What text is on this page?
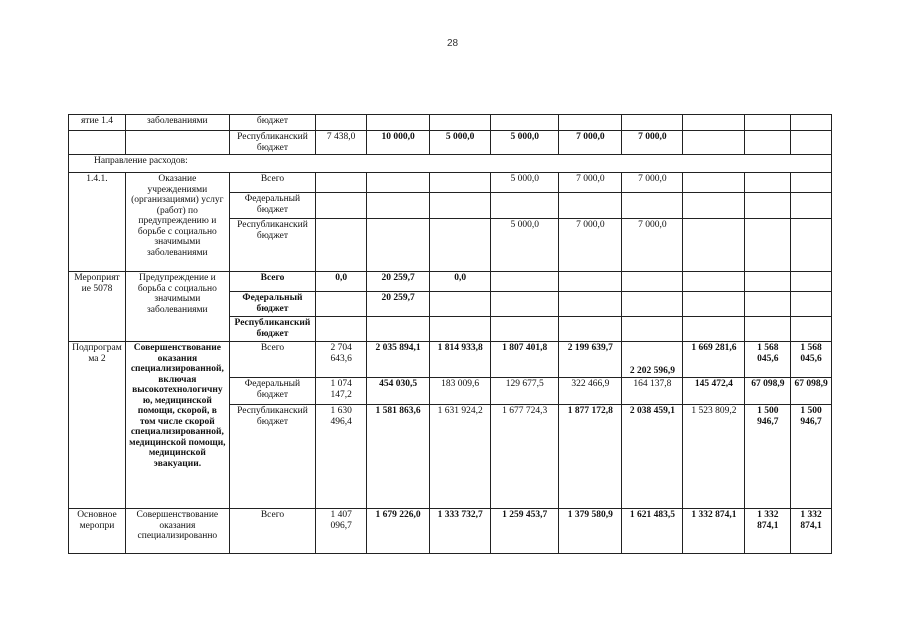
28
ятие 1.4	заболеваниями	бюджет									
		Республиканский бюджет	7 438,0	10 000,0	5 000,0	5 000,0	7 000,0	7 000,0			
Направление расходов:											
1.4.1.	Оказание учреждениями (организациями) услуг (работ) по предупреждению и борьбе с социально значимыми заболеваниями	Всего				5 000,0	7 000,0	7 000,0			
		Федеральный бюджет									
		Республиканский бюджет				5 000,0	7 000,0	7 000,0			
Мероприятие 5078	Предупреждение и борьба с социально значимыми заболеваниями	Всего	0,0	20 259,7	0,0						
		Федеральный бюджет		20 259,7							
		Республиканский бюджет									
Подпрограмма 2	Совершенствование оказания специализированной, включая высокотехнологичную, медицинской помощи, скорой, в том числе скорой специализированной, медицинской помощи, медицинской эвакуации.	Всего	2 704 643,6	2 035 894,1	1 814 933,8	1 807 401,8	2 199 639,7	2 202 596,9	1 669 281,6	1 568 045,6	1 568 045,6
		Федеральный бюджет	1 074 147,2	454 030,5	183 009,6	129 677,5	322 466,9	164 137,8	145 472,4	67 098,9	67 098,9
		Республиканский бюджет	1 630 496,4	1 581 863,6	1 631 924,2	1 677 724,3	1 877 172,8	2 038 459,1	1 523 809,2	1 500 946,7	1 500 946,7
Основное меропри	Совершенствование оказания специализированно	Всего	1 407 096,7	1 679 226,0	1 333 732,7	1 259 453,7	1 379 580,9	1 621 483,5	1 332 874,1	1 332 874,1	1 332 874,1
